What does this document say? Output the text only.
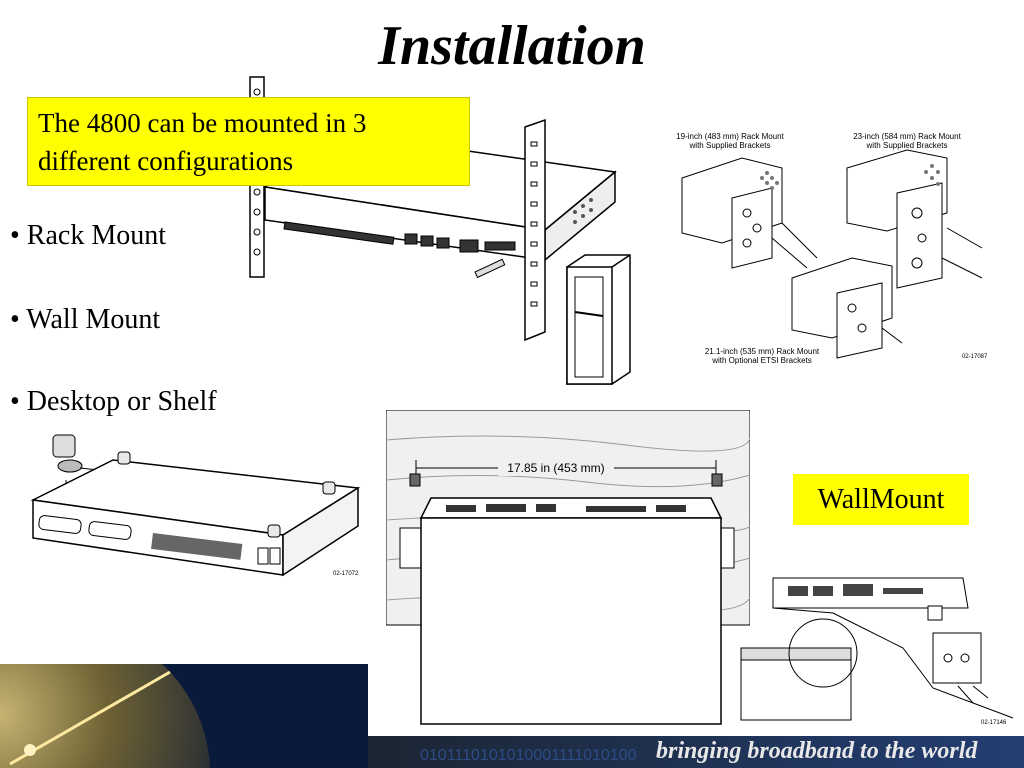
Installation
The 4800 can be mounted in 3 different configurations
• Rack Mount
• Wall Mount
• Desktop or Shelf
19-inch (483 mm) Rack Mount
with Supplied Brackets
23-inch (584 mm) Rack Mount
with Supplied Brackets
21.1-inch (535 mm) Rack Mount
with Optional ETSI Brackets	02-17087
02-17072
17.85 in (453 mm)
WallMount
02-17146
0101110101010001111010100 bringing broadband to the world
